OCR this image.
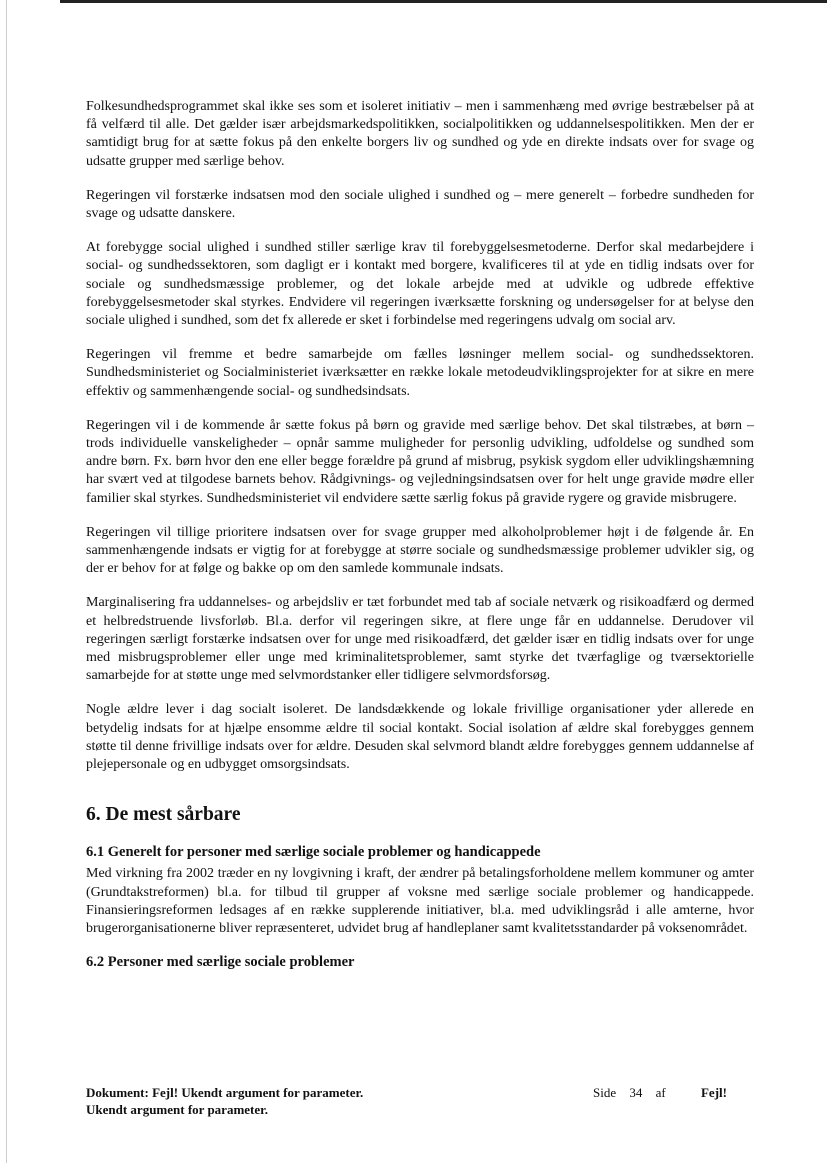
Folkesundhedsprogrammet skal ikke ses som et isoleret initiativ – men i sammenhæng med øvrige bestræbelser på at få velfærd til alle. Det gælder især arbejdsmarkedspolitikken, socialpolitikken og uddannelsespolitikken. Men der er samtidigt brug for at sætte fokus på den enkelte borgers liv og sundhed og yde en direkte indsats over for svage og udsatte grupper med særlige behov.

Regeringen vil forstærke indsatsen mod den sociale ulighed i sundhed og – mere generelt – forbedre sundheden for svage og udsatte danskere.

At forebygge social ulighed i sundhed stiller særlige krav til forebyggelsesmetoderne. Derfor skal medarbejdere i social- og sundhedssektoren, som dagligt er i kontakt med borgere, kvalificeres til at yde en tidlig indsats over for sociale og sundhedsmæssige problemer, og det lokale arbejde med at udvikle og udbrede effektive forebyggelsesmetoder skal styrkes. Endvidere vil regeringen iværksætte forskning og undersøgelser for at belyse den sociale ulighed i sundhed, som det fx allerede er sket i forbindelse med regeringens udvalg om social arv.

Regeringen vil fremme et bedre samarbejde om fælles løsninger mellem social- og sundhedssektoren. Sundhedsministeriet og Socialministeriet iværksætter en række lokale metodeudviklingsprojekter for at sikre en mere effektiv og sammenhængende social- og sundhedsindsats.

Regeringen vil i de kommende år sætte fokus på børn og gravide med særlige behov. Det skal tilstræbes, at børn – trods individuelle vanskeligheder – opnår samme muligheder for personlig udvikling, udfoldelse og sundhed som andre børn. Fx. børn hvor den ene eller begge forældre på grund af misbrug, psykisk sygdom eller udviklingshæmning har svært ved at tilgodese barnets behov. Rådgivnings- og vejledningsindsatsen over for helt unge gravide mødre eller familier skal styrkes. Sundhedsministeriet vil endvidere sætte særlig fokus på gravide rygere og gravide misbrugere.

Regeringen vil tillige prioritere indsatsen over for svage grupper med alkoholproblemer højt i de følgende år. En sammenhængende indsats er vigtig for at forebygge at større sociale og sundhedsmæssige problemer udvikler sig, og der er behov for at følge og bakke op om den samlede kommunale indsats.

Marginalisering fra uddannelses- og arbejdsliv er tæt forbundet med tab af sociale netværk og risikoadfærd og dermed et helbredstruende livsforløb. Bl.a. derfor vil regeringen sikre, at flere unge får en uddannelse. Derudover vil regeringen særligt forstærke indsatsen over for unge med risikoadfærd, det gælder især en tidlig indsats over for unge med misbrugsproblemer eller unge med kriminalitetsproblemer, samt styrke det tværfaglige og tværsektorielle samarbejde for at støtte unge med selvmordstanker eller tidligere selvmordsforsøg.

Nogle ældre lever i dag socialt isoleret. De landsdækkende og lokale frivillige organisationer yder allerede en betydelig indsats for at hjælpe ensomme ældre til social kontakt. Social isolation af ældre skal forebygges gennem støtte til denne frivillige indsats over for ældre. Desuden skal selvmord blandt ældre forebygges gennem uddannelse af plejepersonale og en udbygget omsorgsindsats.

6. De mest sårbare
6.1 Generelt for personer med særlige sociale problemer og handicappede

Med virkning fra 2002 træder en ny lovgivning i kraft, der ændrer på betalingsforholdene mellem kommuner og amter (Grundtakstreformen) bl.a. for tilbud til grupper af voksne med særlige sociale problemer og handicappede. Finansieringsreformen ledsages af en række supplerende initiativer, bl.a. med udviklingsråd i alle amterne, hvor brugerorganisationerne bliver repræsenteret, udvidet brug af handleplaner samt kvalitetsstandarder på voksenområdet.

6.2 Personer med særlige sociale problemer
Dokument: Fejl! Ukendt argument for parameter.
Ukendt argument for parameter.
Side 34 af	Fejl!
